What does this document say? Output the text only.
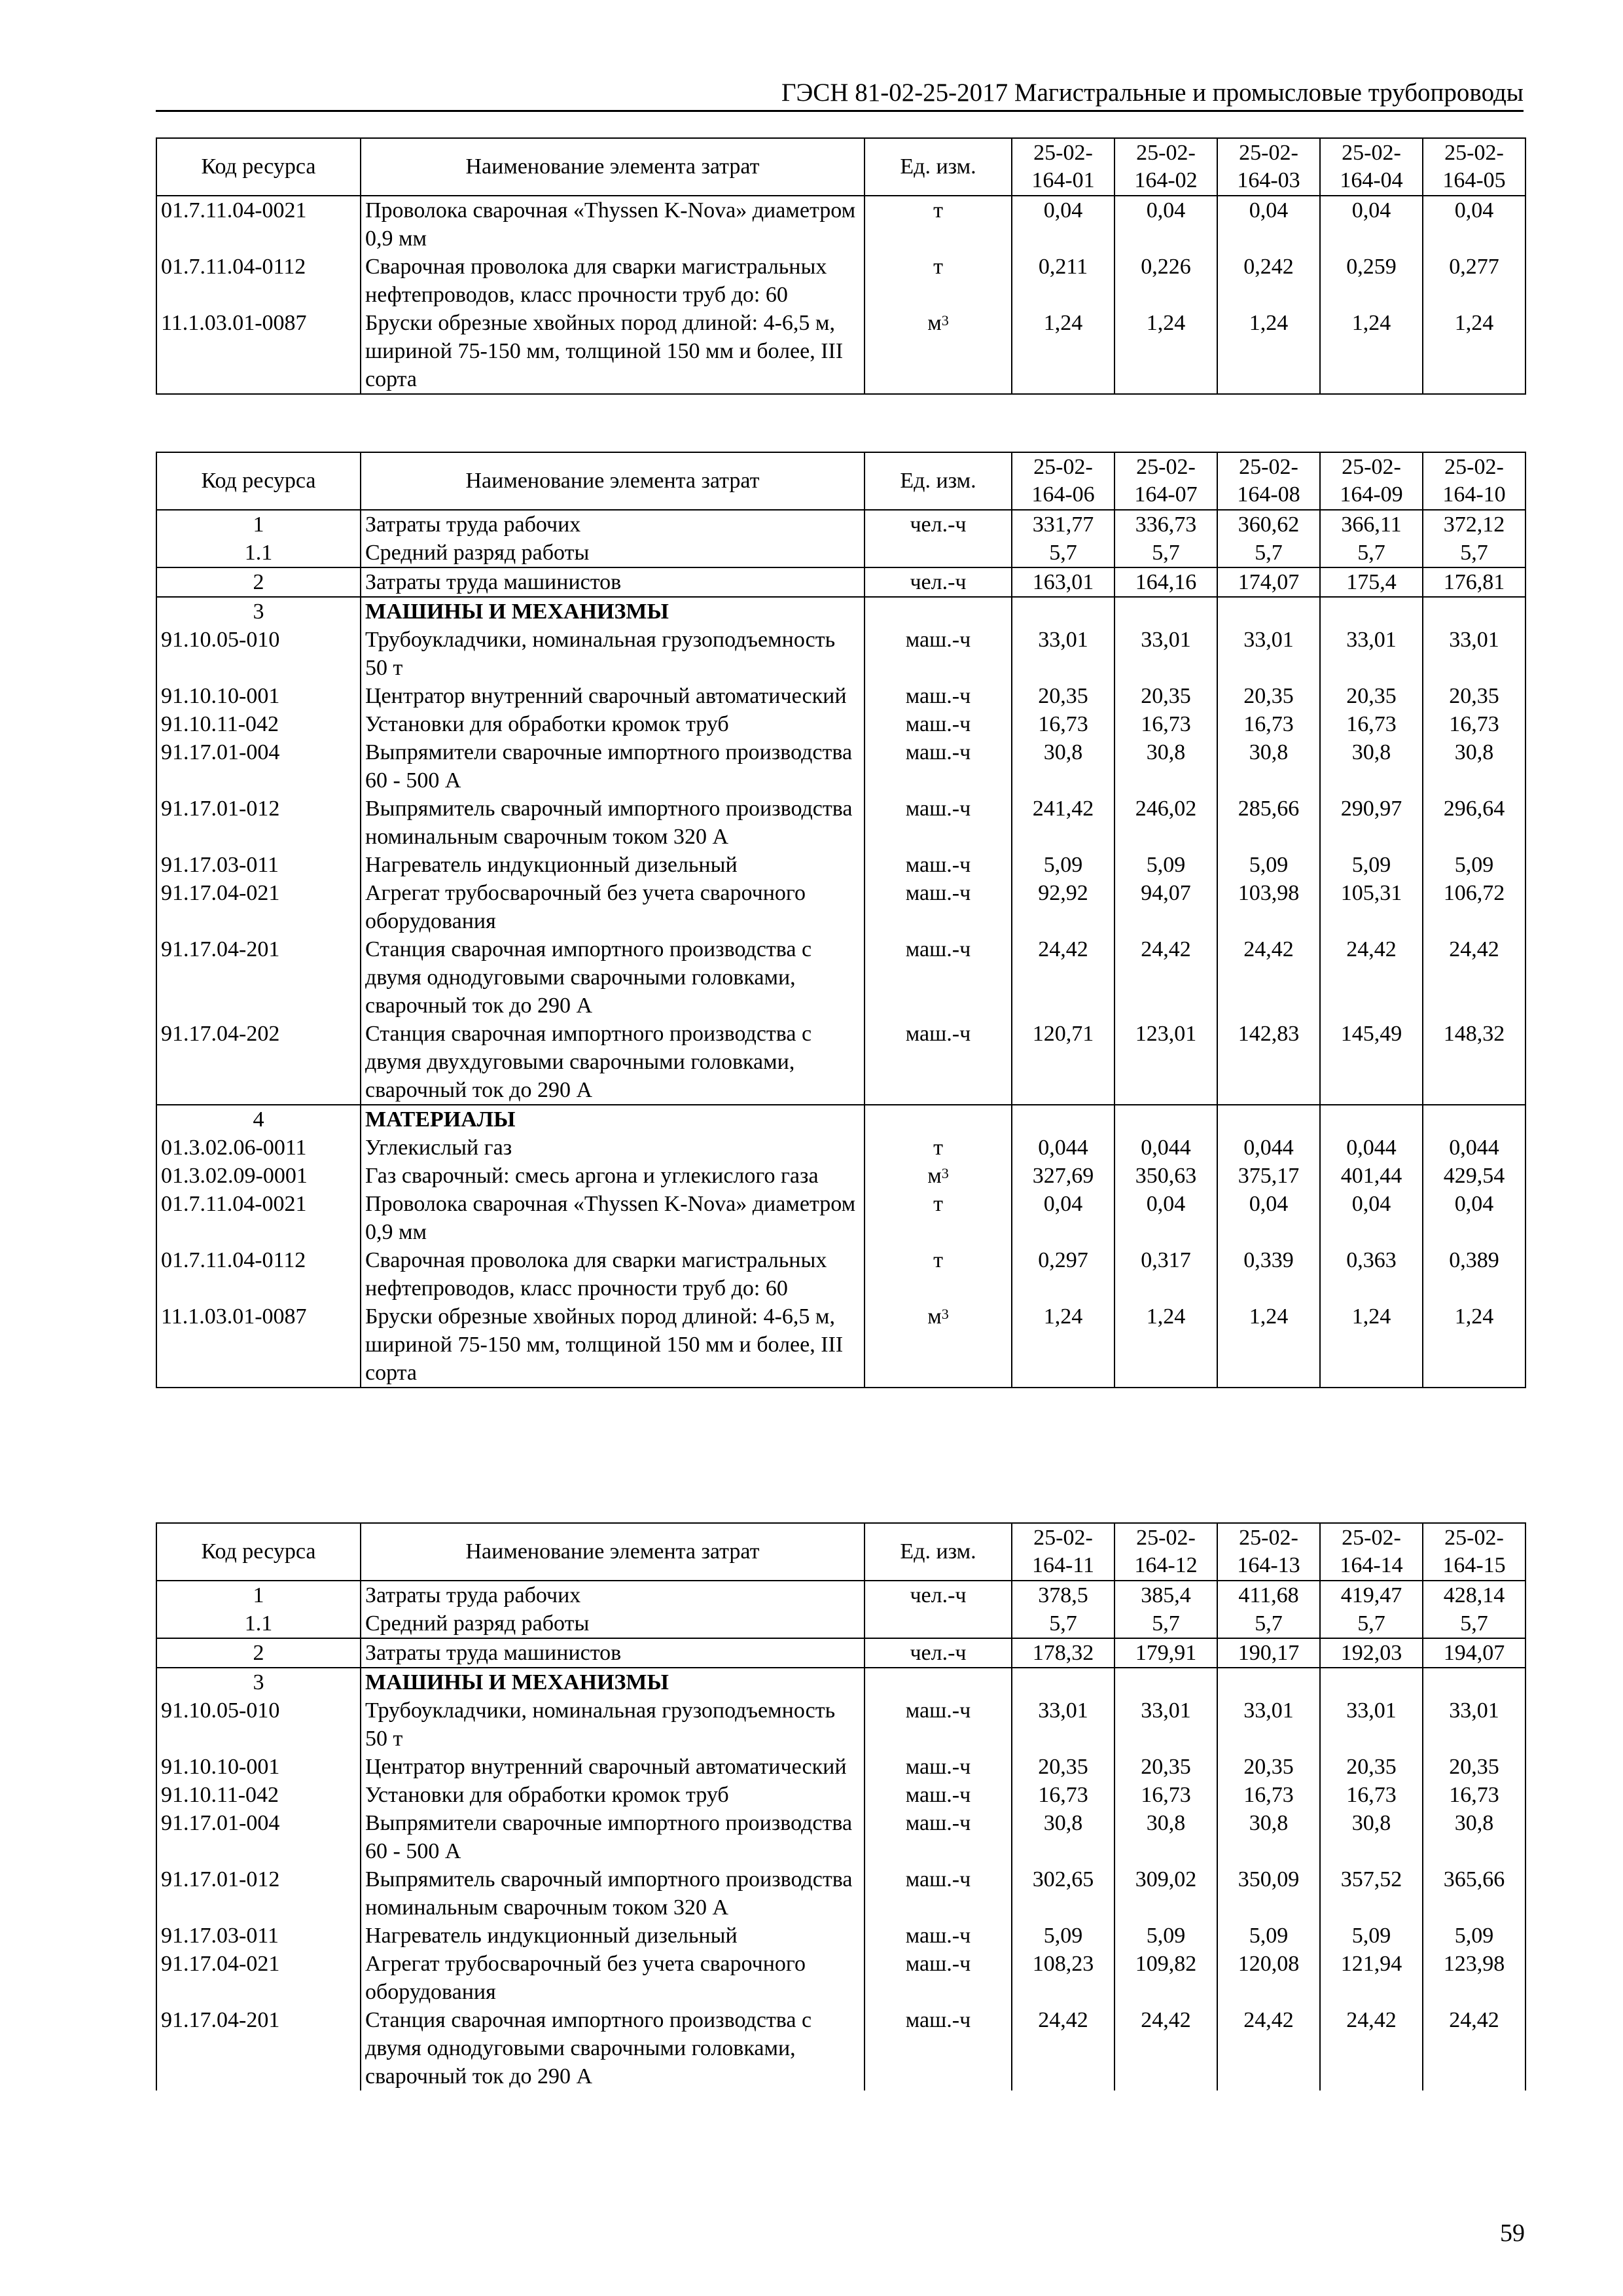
ГЭСН 81-02-25-2017 Магистральные и промысловые трубопроводы
Код ресурса	Наименование элемента затрат	Ед. изм.	25-02-164-01	25-02-164-02	25-02-164-03	25-02-164-04	25-02-164-05
01.7.11.04-0021	Проволока сварочная «Thyssen K-Nova» диаметром 0,9 мм	т	0,04	0,04	0,04	0,04	0,04
01.7.11.04-0112	Сварочная проволока для сварки магистральных нефтепроводов, класс прочности труб до: 60	т	0,211	0,226	0,242	0,259	0,277
11.1.03.01-0087	Бруски обрезные хвойных пород длиной: 4-6,5 м, шириной 75-150 мм, толщиной 150 мм и более, III сорта	$м^3$	1,24	1,24	1,24	1,24	1,24
Код ресурса	Наименование элемента затрат	Ед. изм.	25-02-164-06	25-02-164-07	25-02-164-08	25-02-164-09	25-02-164-10
1	Затраты труда рабочих	чел.-ч	331,77	336,73	360,62	366,11	372,12
1.1	Средний разряд работы		5,7	5,7	5,7	5,7	5,7
2	Затраты труда машинистов	чел.-ч	163,01	164,16	174,07	175,4	176,81
3	МАШИНЫ И МЕХАНИЗМЫ						
91.10.05-010	Трубоукладчики, номинальная грузоподъемность 50 т	маш.-ч	33,01	33,01	33,01	33,01	33,01
91.10.10-001	Центратор внутренний сварочный автоматический	маш.-ч	20,35	20,35	20,35	20,35	20,35
91.10.11-042	Установки для обработки кромок труб	маш.-ч	16,73	16,73	16,73	16,73	16,73
91.17.01-004	Выпрямители сварочные импортного производства 60 - 500 А	маш.-ч	30,8	30,8	30,8	30,8	30,8
91.17.01-012	Выпрямитель сварочный импортного производства номинальным сварочным током 320 А	маш.-ч	241,42	246,02	285,66	290,97	296,64
91.17.03-011	Нагреватель индукционный дизельный	маш.-ч	5,09	5,09	5,09	5,09	5,09
91.17.04-021	Агрегат трубосварочный без учета сварочного оборудования	маш.-ч	92,92	94,07	103,98	105,31	106,72
91.17.04-201	Станция сварочная импортного производства с двумя однодуговыми сварочными головками, сварочный ток до 290 А	маш.-ч	24,42	24,42	24,42	24,42	24,42
91.17.04-202	Станция сварочная импортного производства с двумя двухдуговыми сварочными головками, сварочный ток до 290 А	маш.-ч	120,71	123,01	142,83	145,49	148,32
4	МАТЕРИАЛЫ						
01.3.02.06-0011	Углекислый газ	т	0,044	0,044	0,044	0,044	0,044
01.3.02.09-0001	Газ сварочный: смесь аргона и углекислого газа	$м^3$	327,69	350,63	375,17	401,44	429,54
01.7.11.04-0021	Проволока сварочная «Thyssen K-Nova» диаметром 0,9 мм	т	0,04	0,04	0,04	0,04	0,04
01.7.11.04-0112	Сварочная проволока для сварки магистральных нефтепроводов, класс прочности труб до: 60	т	0,297	0,317	0,339	0,363	0,389
11.1.03.01-0087	Бруски обрезные хвойных пород длиной: 4-6,5 м, шириной 75-150 мм, толщиной 150 мм и более, III сорта	$м^3$	1,24	1,24	1,24	1,24	1,24
Код ресурса	Наименование элемента затрат	Ед. изм.	25-02-164-11	25-02-164-12	25-02-164-13	25-02-164-14	25-02-164-15
1	Затраты труда рабочих	чел.-ч	378,5	385,4	411,68	419,47	428,14
1.1	Средний разряд работы		5,7	5,7	5,7	5,7	5,7
2	Затраты труда машинистов	чел.-ч	178,32	179,91	190,17	192,03	194,07
3	МАШИНЫ И МЕХАНИЗМЫ						
91.10.05-010	Трубоукладчики, номинальная грузоподъемность 50 т	маш.-ч	33,01	33,01	33,01	33,01	33,01
91.10.10-001	Центратор внутренний сварочный автоматический	маш.-ч	20,35	20,35	20,35	20,35	20,35
91.10.11-042	Установки для обработки кромок труб	маш.-ч	16,73	16,73	16,73	16,73	16,73
91.17.01-004	Выпрямители сварочные импортного производства 60 - 500 А	маш.-ч	30,8	30,8	30,8	30,8	30,8
91.17.01-012	Выпрямитель сварочный импортного производства номинальным сварочным током 320 А	маш.-ч	302,65	309,02	350,09	357,52	365,66
91.17.03-011	Нагреватель индукционный дизельный	маш.-ч	5,09	5,09	5,09	5,09	5,09
91.17.04-021	Агрегат трубосварочный без учета сварочного оборудования	маш.-ч	108,23	109,82	120,08	121,94	123,98
91.17.04-201	Станция сварочная импортного производства с двумя однодуговыми сварочными головками, сварочный ток до 290 А	маш.-ч	24,42	24,42	24,42	24,42	24,42
59
